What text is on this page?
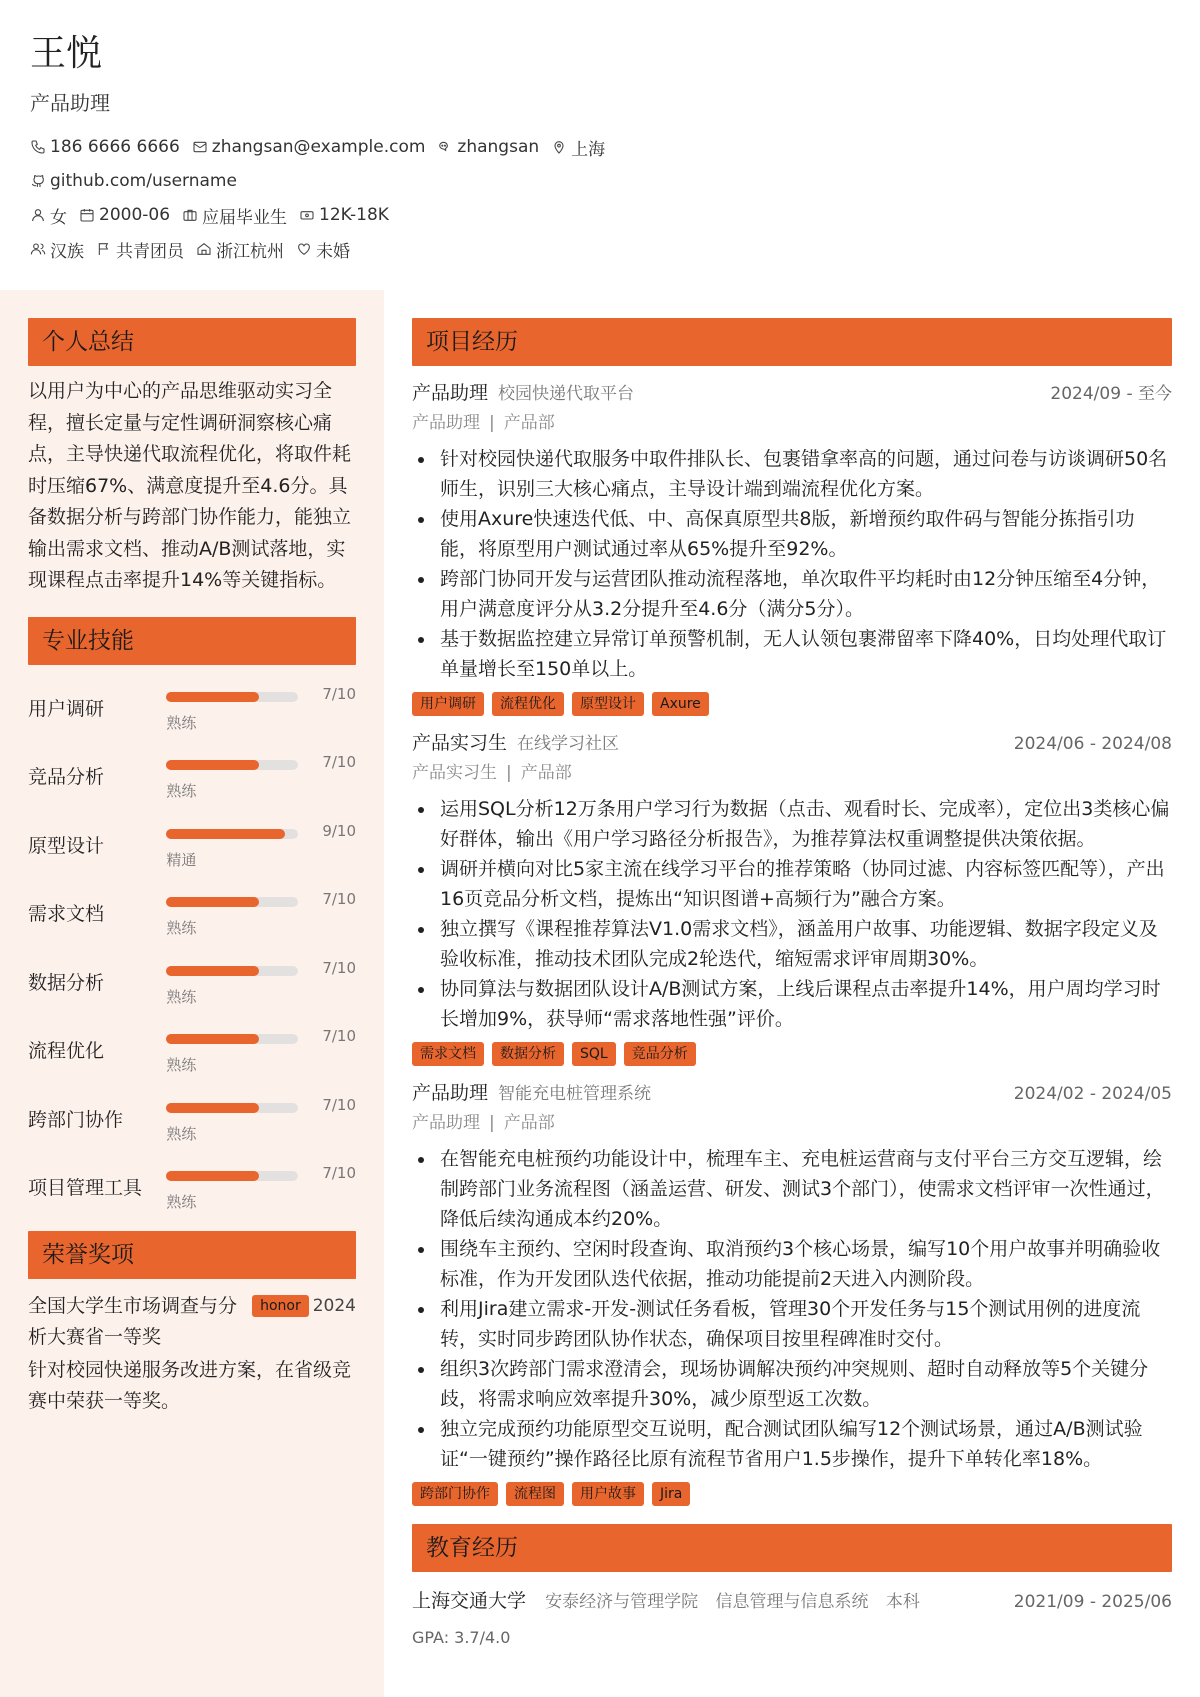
王悦
产品助理
186 6666 6666 zhangsan@example.com zhangsan 上海
github.com/username
女 2000-06 应届毕业生 12K-18K
汉族 共青团员 浙江杭州 未婚
个人总结
以用户为中心的产品思维驱动实习全程，擅长定量与定性调研洞察核心痛点，主导快递代取流程优化，将取件耗时压缩67%、满意度提升至4.6分。具备数据分析与跨部门协作能力，能独立输出需求文档、推动A/B测试落地，实现课程点击率提升14%等关键指标。
专业技能
用户调研
熟练
7/10
竞品分析
熟练
7/10
原型设计
精通
9/10
需求文档
熟练
7/10
数据分析
熟练
7/10
流程优化
熟练
7/10
跨部门协作
熟练
7/10
项目管理工具
熟练
7/10
荣誉奖项
全国大学生市场调查与分析大赛省一等奖
honor 2024
针对校园快递服务改进方案，在省级竞赛中荣获一等奖。
项目经历
产品助理 校园快递代取平台	2024/09 - 至今
产品助理 | 产品部
针对校园快递代取服务中取件排队长、包裹错拿率高的问题，通过问卷与访谈调研50名师生，识别三大核心痛点，主导设计端到端流程优化方案。
使用Axure快速迭代低、中、高保真原型共8版，新增预约取件码与智能分拣指引功能，将原型用户测试通过率从65%提升至92%。
跨部门协同开发与运营团队推动流程落地，单次取件平均耗时由12分钟压缩至4分钟，用户满意度评分从3.2分提升至4.6分（满分5分）。
基于数据监控建立异常订单预警机制，无人认领包裹滞留率下降40%，日均处理代取订单量增长至150单以上。
用户调研	流程优化	原型设计	Axure
产品实习生 在线学习社区	2024/06 - 2024/08
产品实习生 | 产品部
运用SQL分析12万条用户学习行为数据（点击、观看时长、完成率），定位出3类核心偏好群体，输出《用户学习路径分析报告》，为推荐算法权重调整提供决策依据。
调研并横向对比5家主流在线学习平台的推荐策略（协同过滤、内容标签匹配等），产出16页竞品分析文档，提炼出“知识图谱+高频行为”融合方案。
独立撰写《课程推荐算法V1.0需求文档》，涵盖用户故事、功能逻辑、数据字段定义及验收标准，推动技术团队完成2轮迭代，缩短需求评审周期30%。
协同算法与数据团队设计A/B测试方案，上线后课程点击率提升14%，用户周均学习时长增加9%，获导师“需求落地性强”评价。
需求文档	数据分析	SQL	竞品分析
产品助理 智能充电桩管理系统	2024/02 - 2024/05
产品助理 | 产品部
在智能充电桩预约功能设计中，梳理车主、充电桩运营商与支付平台三方交互逻辑，绘制跨部门业务流程图（涵盖运营、研发、测试3个部门），使需求文档评审一次性通过，降低后续沟通成本约20%。
围绕车主预约、空闲时段查询、取消预约3个核心场景，编写10个用户故事并明确验收标准，作为开发团队迭代依据，推动功能提前2天进入内测阶段。
利用Jira建立需求-开发-测试任务看板，管理30个开发任务与15个测试用例的进度流转，实时同步跨团队协作状态，确保项目按里程碑准时交付。
组织3次跨部门需求澄清会，现场协调解决预约冲突规则、超时自动释放等5个关键分歧，将需求响应效率提升30%，减少原型返工次数。
独立完成预约功能原型交互说明，配合测试团队编写12个测试场景，通过A/B测试验证“一键预约”操作路径比原有流程节省用户1.5步操作，提升下单转化率18%。
跨部门协作	流程图	用户故事	Jira
教育经历
上海交通大学 安泰经济与管理学院 信息管理与信息系统 本科	2021/09 - 2025/06
GPA: 3.7/4.0
